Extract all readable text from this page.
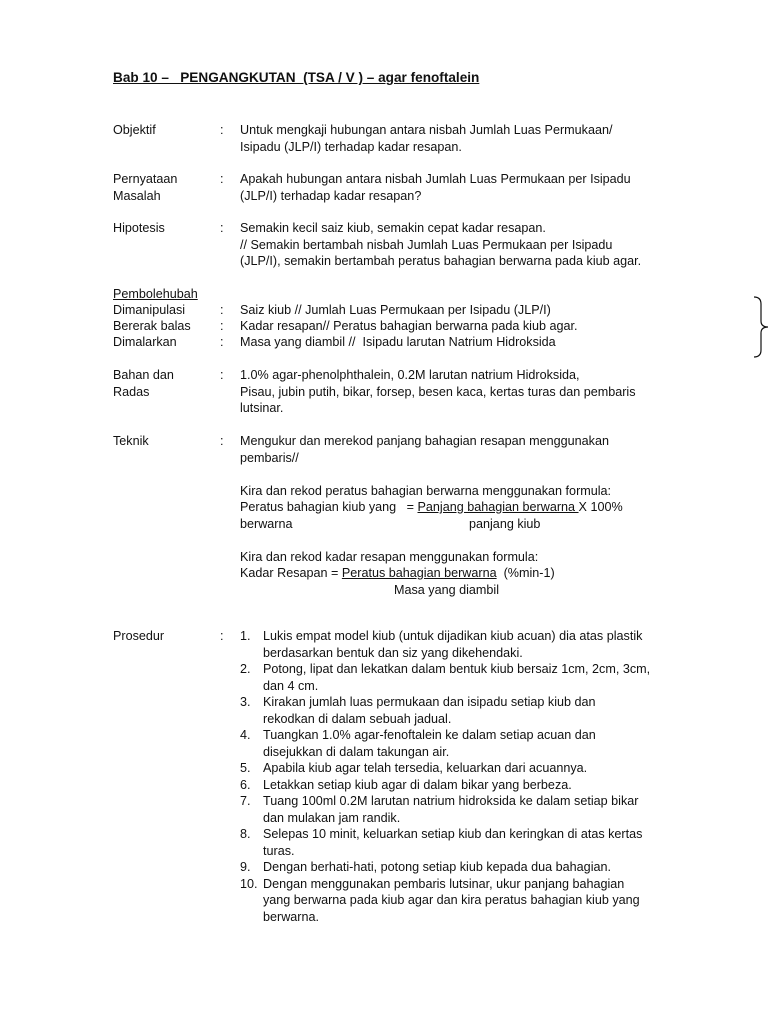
Bab 10 –   PENGANGKUTAN  (TSA / V ) – agar fenoftalein
Objektif	:	Untuk mengkaji hubungan antara nisbah Jumlah Luas Permukaan/
Isipadu (JLP/I) terhadap kadar resapan.
Pernyataan
Masalah
:	Apakah hubungan antara nisbah Jumlah Luas Permukaan per Isipadu
(JLP/I) terhadap kadar resapan?
Hipotesis	:	Semakin kecil saiz kiub, semakin cepat kadar resapan.
// Semakin bertambah nisbah Jumlah Luas Permukaan per Isipadu
(JLP/I), semakin bertambah peratus bahagian berwarna pada kiub agar.
Pembolehubah
Dimanipulasi	:	Saiz kiub // Jumlah Luas Permukaan per Isipadu (JLP/I)
Bererak balas	:	Kadar resapan// Peratus bahagian berwarna pada kiub agar.
Dimalarkan	:	Masa yang diambil //  Isipadu larutan Natrium Hidroksida
Bahan dan
Radas
:	1.0% agar-phenolphthalein, 0.2M larutan natrium Hidroksida,
Pisau, jubin putih, bikar, forsep, besen kaca, kertas turas dan pembaris
lutsinar.
Teknik	:	Mengukur dan merekod panjang bahagian resapan menggunakan
pembaris//
Kira dan rekod peratus bahagian berwarna menggunakan formula:
Peratus bahagian kiub yang   = Panjang bahagian berwarna X 100%
berwarna	panjang kiub
Kira dan rekod kadar resapan menggunakan formula:
Kadar Resapan = Peratus bahagian berwarna  (%min-1)
Masa yang diambil
Prosedur	:	1. Lukis empat model kiub (untuk dijadikan kiub acuan) dia atas plastik
berdasarkan bentuk dan siz yang dikehendaki.
2. Potong, lipat dan lekatkan dalam bentuk kiub bersaiz 1cm, 2cm, 3cm,
dan 4 cm.
3. Kirakan jumlah luas permukaan dan isipadu setiap kiub dan
rekodkan di dalam sebuah jadual.
4. Tuangkan 1.0% agar-fenoftalein ke dalam setiap acuan dan
disejukkan di dalam takungan air.
5. Apabila kiub agar telah tersedia, keluarkan dari acuannya.
6. Letakkan setiap kiub agar di dalam bikar yang berbeza.
7. Tuang 100ml 0.2M larutan natrium hidroksida ke dalam setiap bikar
dan mulakan jam randik.
8. Selepas 10 minit, keluarkan setiap kiub dan keringkan di atas kertas
turas.
9. Dengan berhati-hati, potong setiap kiub kepada dua bahagian.
10. Dengan menggunakan pembaris lutsinar, ukur panjang bahagian
yang berwarna pada kiub agar dan kira peratus bahagian kiub yang
berwarna.
